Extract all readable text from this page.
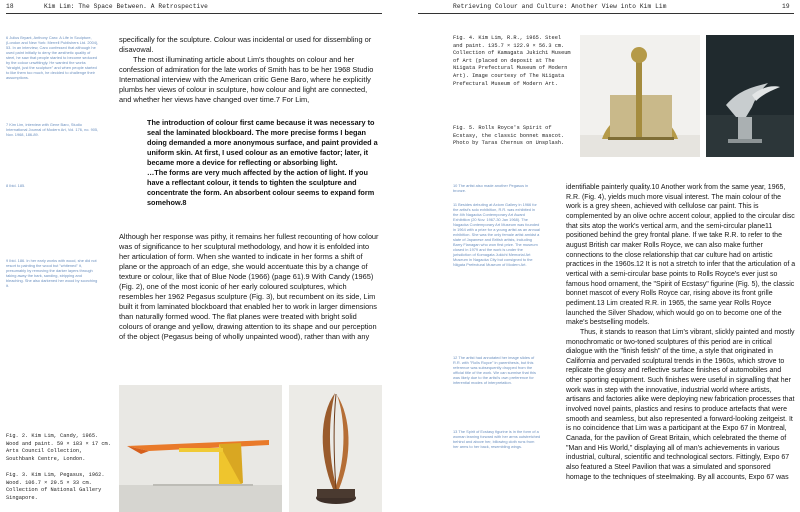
18	Kim Lim: The Space Between. A Retrospective
6 Julius Bryant, Anthony Caro: A Life in Sculpture, (London and New York: Merrell Publishers Ltd. 2004), 53. In an interview, Caro confessed that although he used paint initially to deny the aesthetic quality of steel, he saw that people started to become seduced by the colour unwittingly. He wanted the works "straight, just the sculpture" and when people started to like them too much, he decided to challenge their assumptions.
7 Kim Lim, interview with Gene Baro, Studio International Journal of Modern Art, Vol. 176, no. 905, Nov. 1968, 186-89.
8 Ibid. 185.
9 Ibid. 186. In her early works with wood, she did not resort to painting the wood but "whitened" it, presumably by removing the darker layers through taking away the bark, sanding, stripping and bleaching. She also darkened her wood by scorching it.

specifically for the sculpture. Colour was incidental or used for dissembling or disavowal.

The most illuminating article about Lim's thoughts on colour and her confession of admiration for the late works of Smith has to be her 1968 Studio International interview with the American critic Gene Baro, where he explicitly plumbs her views of colour in sculpture, how colour and light are connected, and whether her views have changed over time.7 For Lim,

The introduction of colour first came because it was necessary to seal the laminated blockboard. The more precise forms I began doing demanded a more anonymous surface, and paint provided a uniform skin. At first, I used colour as an emotive factor; later, it became more a device for reflecting or absorbing light.

…The forms are very much affected by the action of light. If you have a reflectant colour, it tends to tighten the sculpture and concentrate the form. An absorbent colour seems to expand form somehow.8

Although her response was pithy, it remains her fullest recounting of how colour was of significance to her sculptural methodology, and how it is enfolded into her articulation of form. When she wanted to indicate in her forms a shift of plane or the approach of an edge, she would accentuate this by a change of texture or colour, like that of Blue Node (1966) (page 61).9 With Candy (1965) (Fig. 2), one of the most iconic of her early coloured sculptures, which resembles her 1962 Pegasus sculpture (Fig. 3), but recumbent on its side, Lim built it from laminated blockboard that enabled her to work in larger dimensions than naturally formed wood. The flat planes were treated with bright solid colours of orange and yellow, drawing attention to its shape and our perception of the object (Pegasus being of wholly unpainted wood), rather than with any

Fig. 2. Kim Lim, Candy, 1965. Wood and paint. 59 × 183 × 17 cm. Arts Council Collection, Southbank Centre, London.
Fig. 3. Kim Lim, Pegasus, 1962. Wood. 106.7 × 29.5 × 33 cm. Collection of National Gallery Singapore.
Retrieving Colour and Culture: Another View into Kim Lim	19
Fig. 4. Kim Lim, R.R., 1965. Steel and paint. 135.7 × 122.9 × 56.3 cm. Collection of Kamagata Jukichi Museum of Art (placed on deposit at The Niigata Prefectural Museum of Modern Art). Image courtesy of The Niigata Prefectural Museum of Modern Art.
Fig. 5. Rolls Royce's Spirit of Ecstasy, the classic bonnet mascot. Photo by Taras Chernus on Unsplash.
10 The artist also made another Pegasus in bronze.
11 Besides debuting at Axiom Gallery in 1966 for the artist's solo exhibition, R.R. was exhibited in the 4th Nagaoka Contemporary Art Award Exhibition (20 Nov. 1967-30 Jan 1968). The Nagaoka Contemporary Art Museum was founded in 1964 with a prize for a young artist as an annual exhibition. She was the only female artist amidst a slate of Japanese and British artists, including Barry Flanagan who won first prize. The museum closed in 1979 and the work is under the jurisdiction of Komagata Jukichi Memorial Art Museum in Nagaoka City but consigned to the Niigata Prefectural Museum of Modern Art.
12 The artist had annotated her image slides of R.R. with "Rolls Royce" in parenthesis, but this reference was subsequently dropped from the official title of the work. We can surmise that this was likely due to the artist's own preference for inferential modes of interpretation.
13 The Spirit of Ecstasy figurine is in the form of a woman leaning forward with her arms outstretched behind and above her, billowing cloth runs from her arms to her back, resembling wings.

identifiable painterly quality.10 Another work from the same year, 1965, R.R. (Fig. 4), yields much more visual interest. The main colour of the work is a grey sheen, achieved with cellulose car paint. This is complemented by an olive ochre accent colour, applied to the circular disc that sits atop the work's vertical arm, and the semi-circular plane11 positioned behind the grey frontal plane. If we take R.R. to refer to the august British car maker Rolls Royce, we can also make further connections to the close relationship that car culture had on artistic practices in the 1960s.12 It is not a stretch to infer that the articulation of a vertical with a semi-circular base points to Rolls Royce's ever just so famous hood ornament, the "Spirit of Ecstasy" figurine (Fig. 5), the classic bonnet mascot of every Rolls Royce car, rising above its front grille pediment.13 Lim created R.R. in 1965, the same year Rolls Royce launched the Silver Shadow, which would go on to become one of the make's bestselling models.

Thus, it stands to reason that Lim's vibrant, slickly painted and mostly monochromatic or two-toned sculptures of this period are in critical dialogue with the "finish fetish" of the time, a style that originated in California and pervaded sculptural trends in the 1960s, which strove to replicate the glossy and reflective surface finishes of automobiles and other sporting equipment. Such finishes were useful in signalling that her work was in step with the innovative, industrial world where artists, artisans and factories alike were deploying new fabrication processes that involved novel paints, plastics and resins to produce artefacts that were smooth and seamless, but also represented a forward-looking zeitgeist. It is no coincidence that Lim was a participant at the Expo 67 in Montreal, Canada, for the pavilion of Great Britain, which celebrated the theme of "Man and His World," displaying all of man's achievements in various industrial, cultural, scientific and technological sectors. Fittingly, Expo 67 also featured a Steel Pavilion that was a simulated and sponsored homage to the techniques of steelmaking. By all accounts, Expo 67 was
